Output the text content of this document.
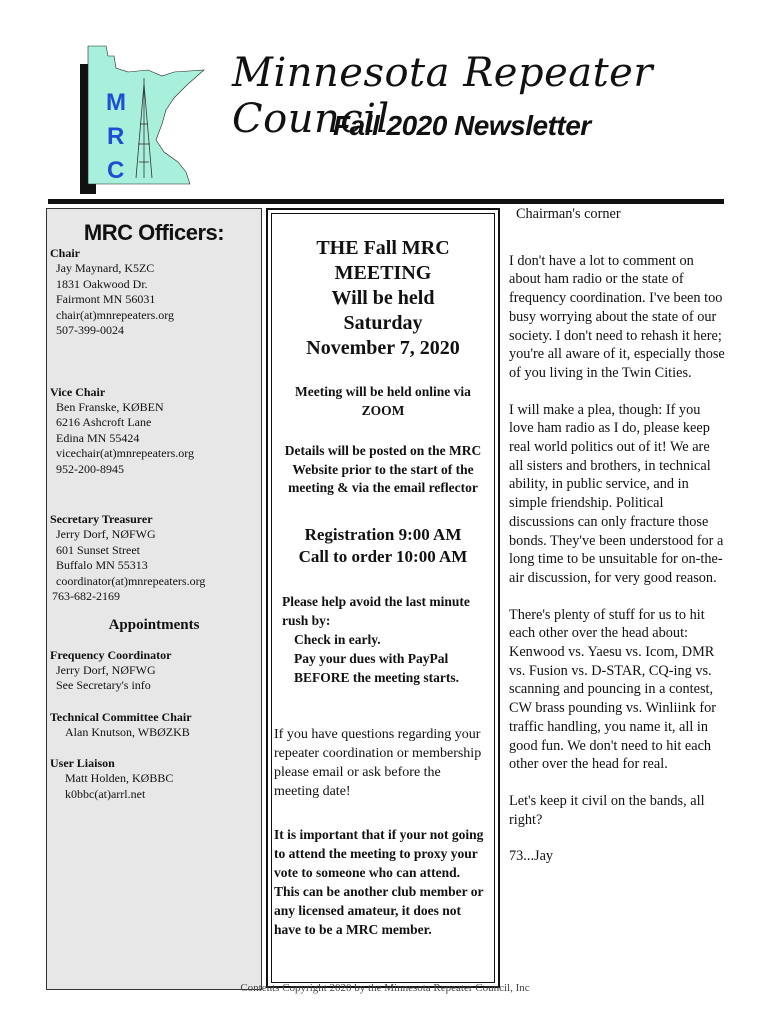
M
R
C
Minnesota Repeater Council
Fall 2020 Newsletter
MRC Officers:
Chair
Jay Maynard, K5ZC
1831 Oakwood Dr.
Fairmont MN 56031
chair(at)mnrepeaters.org
507-399-0024
Vice Chair
Ben Franske, KØBEN
6216 Ashcroft Lane
Edina MN 55424
vicechair(at)mnrepeaters.org
952-200-8945
Secretary Treasurer
Jerry Dorf, NØFWG
601 Sunset Street
Buffalo MN 55313
coordinator(at)mnrepeaters.org
763-682-2169
Appointments
Frequency Coordinator
Jerry Dorf, NØFWG
See Secretary's info
Technical Committee Chair
Alan Knutson, WBØZKB
User Liaison
Matt Holden, KØBBC
k0bbc(at)arrl.net
THE Fall MRC
MEETING
Will be held
Saturday
November 7, 2020
Meeting will be held online via ZOOM
Details will be posted on the MRC Website prior to the start of the meeting & via the email reflector
Registration 9:00 AM
Call to order 10:00 AM
Please help avoid the last minute rush by:
Check in early.
Pay your dues with PayPal BEFORE the meeting starts.
If you have questions regarding your repeater coordination or membership please email or ask before the meeting date!
It is important that if your not going to attend the meeting to proxy your vote to someone who can attend. This can be another club member or any licensed amateur, it does not have to be a MRC member.

Chairman's corner

I don't have a lot to comment on about ham radio or the state of frequency coordination. I've been too busy worrying about the state of our society. I don't need to rehash it here; you're all aware of it, especially those of you living in the Twin Cities.

I will make a plea, though: If you love ham radio as I do, please keep real world politics out of it! We are all sisters and brothers, in technical ability, in public service, and in simple friendship. Political discussions can only fracture those bonds. They've been understood for a long time to be unsuitable for on-the-air discussion, for very good reason.

There's plenty of stuff for us to hit each other over the head about: Kenwood vs. Yaesu vs. Icom, DMR vs. Fusion vs. D-STAR, CQ-ing vs. scanning and pouncing in a contest, CW brass pounding vs. Winliink for traffic handling, you name it, all in good fun. We don't need to hit each other over the head for real.

Let's keep it civil on the bands, all right?

73...Jay

Contents Copyright 2020 by the Minnesota Repeater Council, Inc
